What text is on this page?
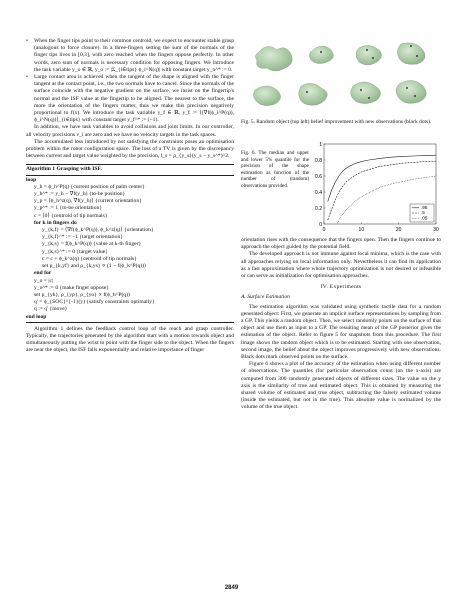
Fig. 5. Random object (top left) belief improvement with new observations (black dots).
Fig. 6. The median and upper and lower 5% quantile for the precision of the shape estimation as function of the number of (random) observations provided.
0
0.2
0.4
0.6
0.8
1
0	10	20	30
.95
.5
.05

• When the finger tips point to their common centroid, we expect to encounter stable grasp (analogous to force closure). In a three-fingers setting the sum of the normals of the finger tips lives in [0,3], with zero reached when the fingers oppose perfectly. In other words, zero sum of normals is necessary condition for opposing fingers. We introduce the task variable y_o ∈ ℝ, y_o := |Σ_{i∈tips} ϕ_i^N(q)| with constant target y_o^* := 0.

• Large contact area is achieved when the tangent of the shape is aligned with the finger tangent at the contact point, i.e., the two normals have to cancel. Since the normals of the surface coincide with the negative gradient on the surface, we insist on the fingertip's normal and the ISF value at the fingertip to be aligned. The nearest to the surface, the more the orientation of the fingers matter, thus we make this precision negatively proportional to f(x). We introduce the task variable y_f ∈ ℝ, y_f := ⟨(∇f(ϕ_i^P(q)), ϕ_i^N(q))⟩_{i∈tips} with constant target y_f^* := (−1).

In addition, we have task variables to avoid collisions and joint limits. In our controller, all velocity precisions ν_i are zero and we have no velocity targets in the task spaces.

The accumulated loss introduced by not satisfying the constraints poses an optimisation problem within the robot configuration space. The loss of a TV is given by the discrepancy between current and target value weighted by the precision, l_s = ρ_{y_s}(y_s − y_s^*)^2.

Algorithm 1 Grasping with ISF.
loop
y_h = ϕ_h^P(q) {current position of palm center}
y_h^* := y_h − ∇f(y_h) {to-be position}
y_p = ⟨ϕ_h^z(q), ∇f(y_h)⟩ {current orientation}
y_p^* := 1 {to-be orientation}
c = ⟨0⟩ {centroid of tip normals}
for k in fingers do
y_{k,f} = ⟨∇f(ϕ_k^P(q)), ϕ_k^z(q)⟩ {orientation}
y_{k,f}^* := −1 {target orientation}
y_{k,s} = f(ϕ_k^P(q)) {value at k-th finger}
y_{k,s}^* := 0 {target value}
c = c + ϕ_k^z(q) {centroid of tip normals}
set ρ_{k,yf} and ρ_{k,ys} ∝ (1 − f(ϕ_k^P(q)))
end for
y_o = |c|
y_o^* := 0 {make finger oppose}
set ρ_{yh}, ρ_{yp}, ρ_{yo} ∝ f(ϕ_h^P(q))
q' = ϕ_{SOC}^{-1}(y) {satisfy constraints optimally}
q := q' {move}
end loop

Algorithm 1 defines the feedback control loop of the reach and grasp controller. Typically, the trajectories generated by the algorithm start with a motion towards object and simultaneously putting the wrist to point with the finger side to the object. When the fingers are near the object, the ISF falls exponentially and relative importance of finger

orientation rises with the consequence that the fingers open. Then the fingers continue to approach the object guided by the potential field.

The developed approach is not immune against local minima, which is the case with all approaches relying on local information only. Nevertheless it can find its application as a fast approximation where whole trajectory optimization is not desired or infeasible or can serve as initialization for optimisation approaches.

IV. Experiments
A. Surface Estimation

The estimation algorithm was validated using synthetic tactile data for a random generated object: First, we generate an implicit surface representations by sampling from a GP. This yields a random object. Then, we select randomly points on the surface of that object and use them as input to a GP. The resulting mean of the GP posterior gives the estimation of the object. Refer to figure 5 for snapshots from this procedure. The first image shows the random object which is to be estimated. Starting with one observation, second image, the belief about the object improves progressively with new observations. Black dots mark observed points on the surface.

Figure 6 shows a plot of the accuracy of the estimation when using different number of observations. The quantiles (for particular observation count (on the x-axis) are computed from 300 randomly generated objects of different sizes. The value on the y axis is the similarity of true and estimated object. This is obtained by measuring the shared volume of estimated and true object, subtracting the falsely estimated volume (inside the estimated, but not in the true). This absolute value is normalized by the volume of the true object.

2849
